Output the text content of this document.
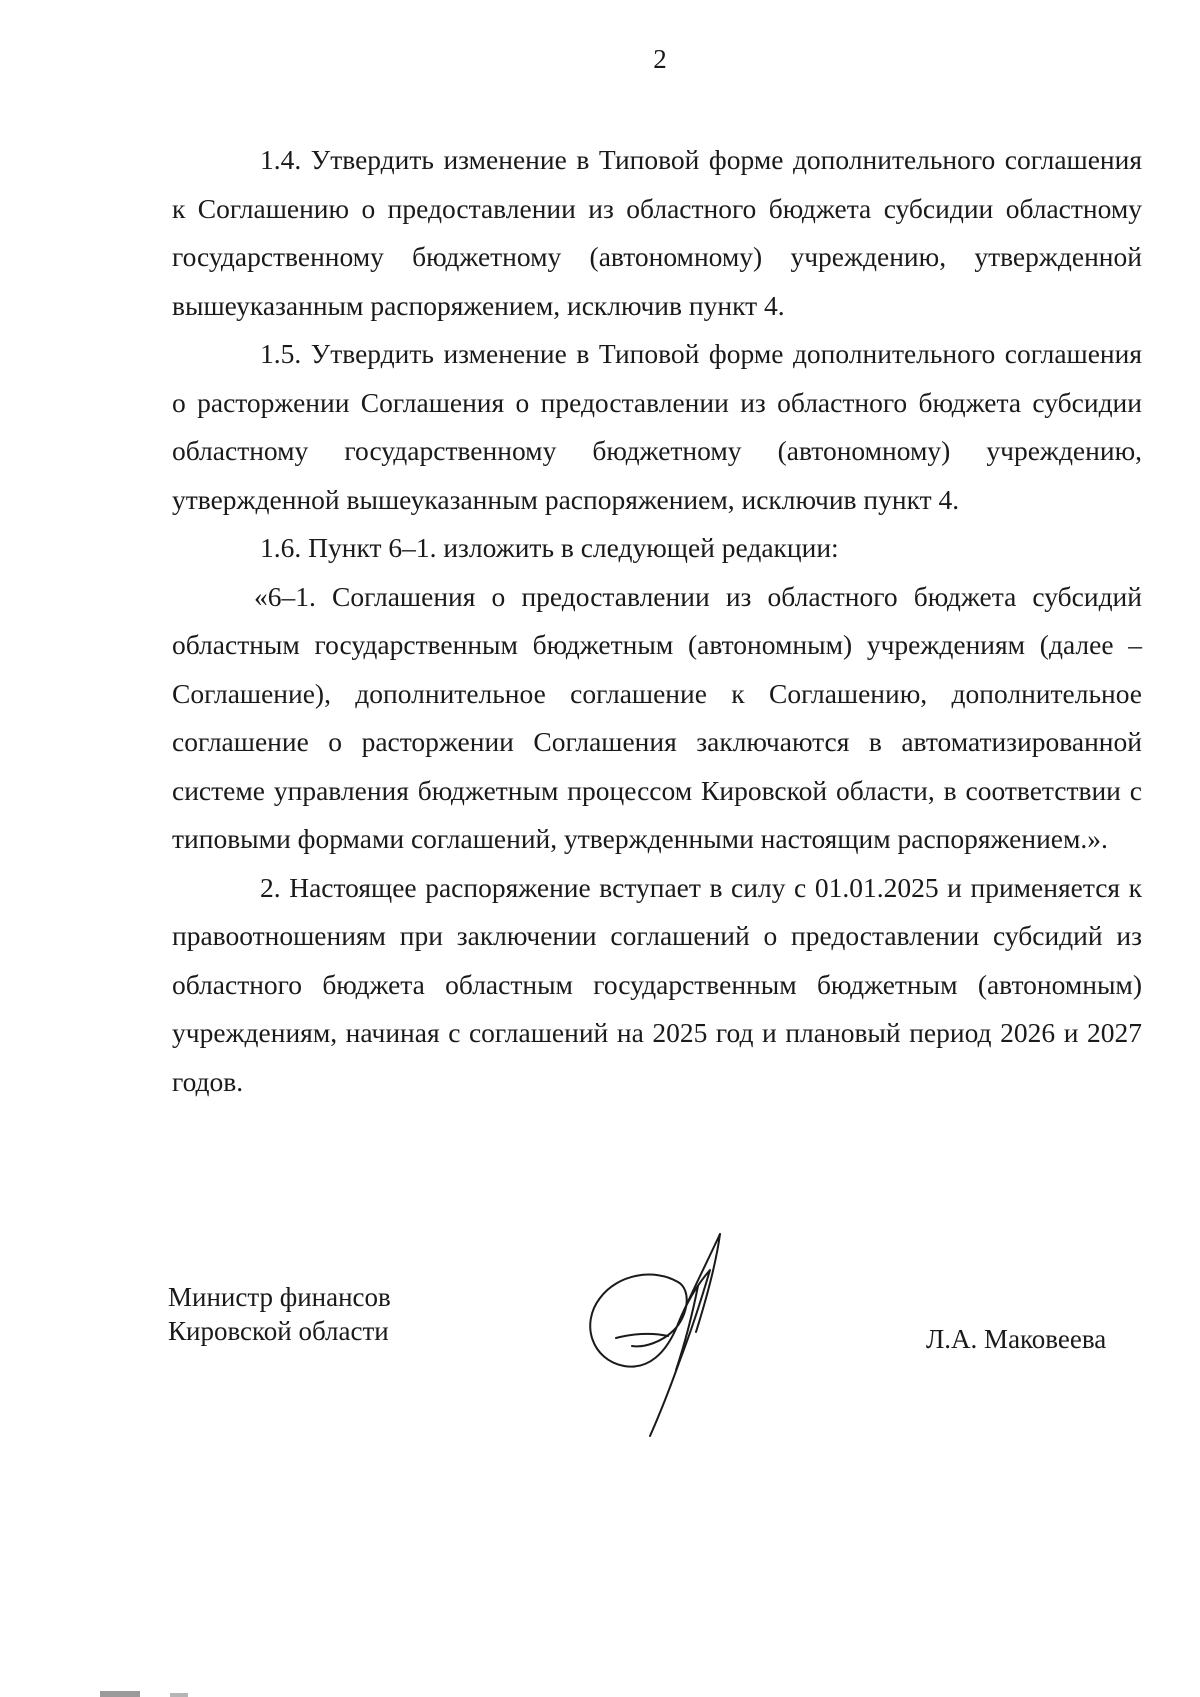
2

1.4. Утвердить изменение в Типовой форме дополнительного соглашения к Соглашению о предоставлении из областного бюджета субсидии областному государственному бюджетному (автономному) учреждению, утвержденной вышеуказанным распоряжением, исключив пункт 4.

1.5. Утвердить изменение в Типовой форме дополнительного соглашения о расторжении Соглашения о предоставлении из областного бюджета субсидии областному государственному бюджетному (автономному) учреждению, утвержденной вышеуказанным распоряжением, исключив пункт 4.

1.6. Пункт 6–1. изложить в следующей редакции:

«6–1. Соглашения о предоставлении из областного бюджета субсидий областным государственным бюджетным (автономным) учреждениям (далее – Соглашение), дополнительное соглашение к Соглашению, дополнительное соглашение о расторжении Соглашения заключаются в автоматизированной системе управления бюджетным процессом Кировской области, в соответствии с типовыми формами соглашений, утвержденными настоящим распоряжением.».

2. Настоящее распоряжение вступает в силу с 01.01.2025 и применяется к правоотношениям при заключении соглашений о предоставлении субсидий из областного бюджета областным государственным бюджетным (автономным) учреждениям, начиная с соглашений на 2025 год и плановый период 2026 и 2027 годов.

Министр финансов
Кировской области	Л.А. Маковеева
